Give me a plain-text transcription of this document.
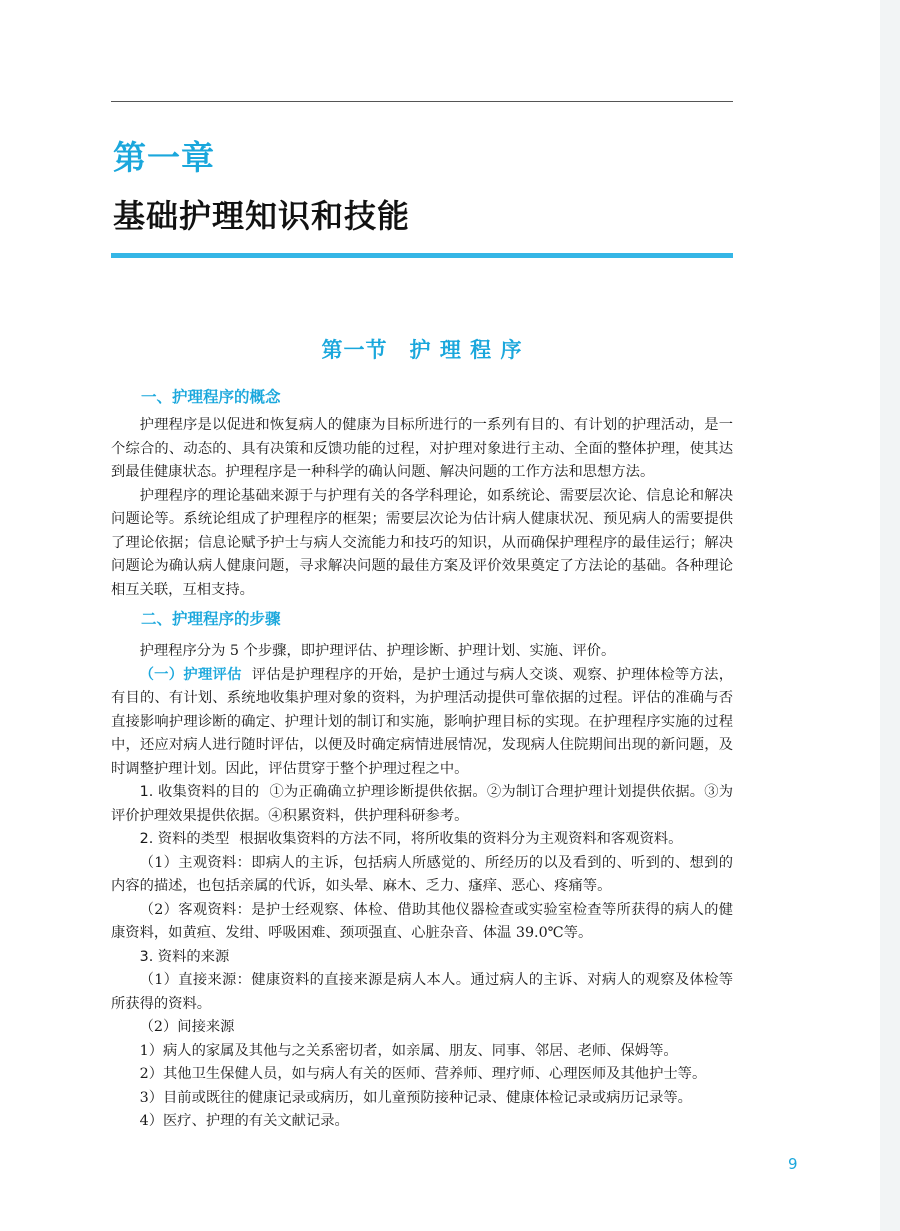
第一章
基础护理知识和技能
第一节　护 理 程 序
一、护理程序的概念

护理程序是以促进和恢复病人的健康为目标所进行的一系列有目的、有计划的护理活动，是一个综合的、动态的、具有决策和反馈功能的过程，对护理对象进行主动、全面的整体护理，使其达到最佳健康状态。护理程序是一种科学的确认问题、解决问题的工作方法和思想方法。

护理程序的理论基础来源于与护理有关的各学科理论，如系统论、需要层次论、信息论和解决问题论等。系统论组成了护理程序的框架；需要层次论为估计病人健康状况、预见病人的需要提供了理论依据；信息论赋予护士与病人交流能力和技巧的知识，从而确保护理程序的最佳运行；解决问题论为确认病人健康问题，寻求解决问题的最佳方案及评价效果奠定了方法论的基础。各种理论相互关联，互相支持。

二、护理程序的步骤

护理程序分为 5 个步骤，即护理评估、护理诊断、护理计划、实施、评价。

（一）护理评估 评估是护理程序的开始，是护士通过与病人交谈、观察、护理体检等方法，有目的、有计划、系统地收集护理对象的资料，为护理活动提供可靠依据的过程。评估的准确与否直接影响护理诊断的确定、护理计划的制订和实施，影响护理目标的实现。在护理程序实施的过程中，还应对病人进行随时评估，以便及时确定病情进展情况，发现病人住院期间出现的新问题，及时调整护理计划。因此，评估贯穿于整个护理过程之中。

1. 收集资料的目的 ①为正确确立护理诊断提供依据。②为制订合理护理计划提供依据。③为评价护理效果提供依据。④积累资料，供护理科研参考。

2. 资料的类型 根据收集资料的方法不同，将所收集的资料分为主观资料和客观资料。

（1）主观资料：即病人的主诉，包括病人所感觉的、所经历的以及看到的、听到的、想到的内容的描述，也包括亲属的代诉，如头晕、麻木、乏力、瘙痒、恶心、疼痛等。

（2）客观资料：是护士经观察、体检、借助其他仪器检查或实验室检查等所获得的病人的健康资料，如黄疸、发绀、呼吸困难、颈项强直、心脏杂音、体温 39.0℃等。

3. 资料的来源

（1）直接来源：健康资料的直接来源是病人本人。通过病人的主诉、对病人的观察及体检等所获得的资料。

（2）间接来源

1）病人的家属及其他与之关系密切者，如亲属、朋友、同事、邻居、老师、保姆等。

2）其他卫生保健人员，如与病人有关的医师、营养师、理疗师、心理医师及其他护士等。

3）目前或既往的健康记录或病历，如儿童预防接种记录、健康体检记录或病历记录等。

4）医疗、护理的有关文献记录。

9
